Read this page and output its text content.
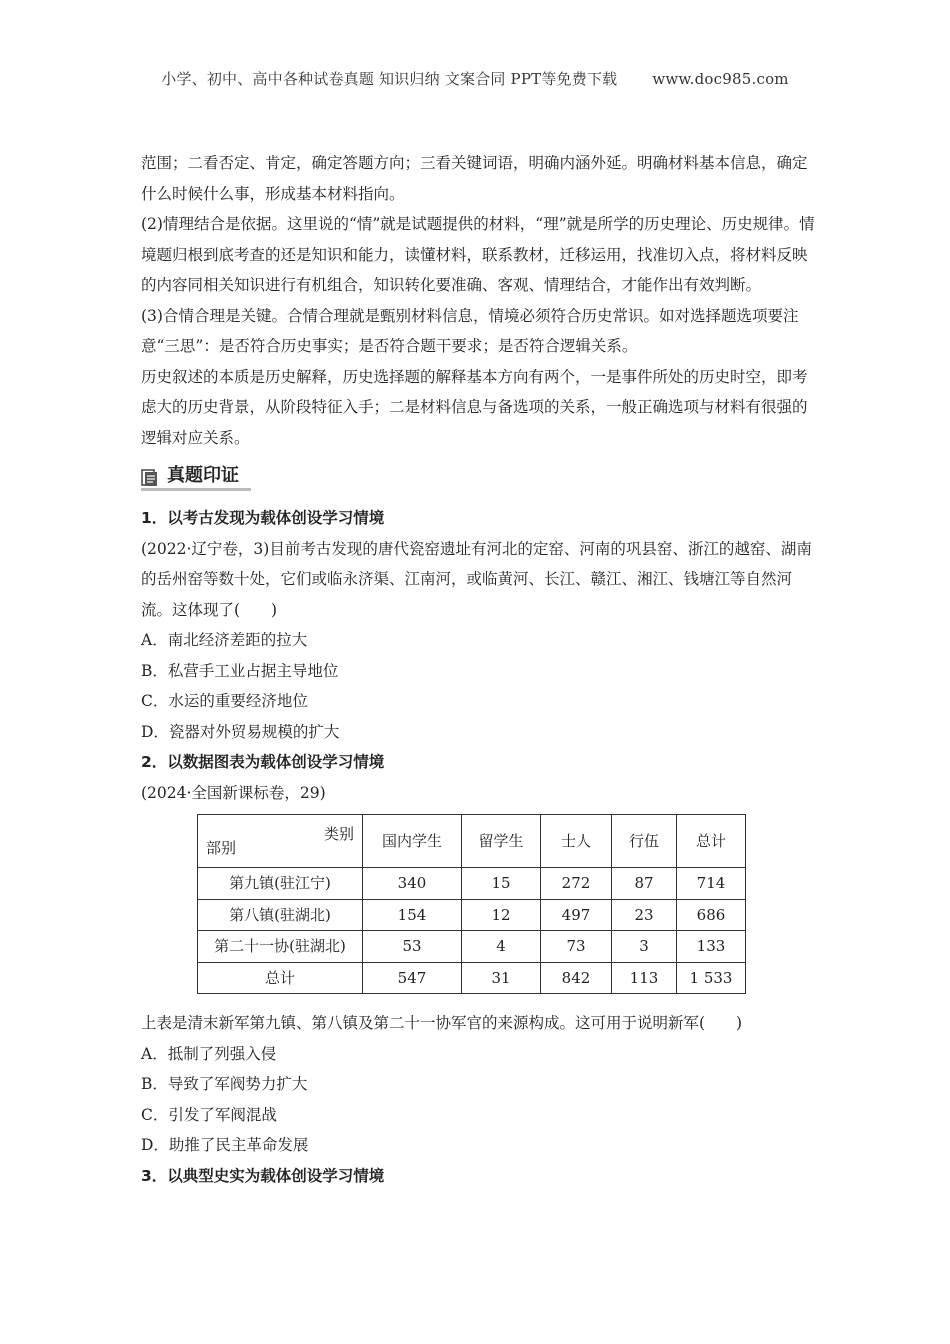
小学、初中、高中各种试卷真题 知识归纳 文案合同 PPT等免费下载 www.doc985.com

范围；二看否定、肯定，确定答题方向；三看关键词语，明确内涵外延。明确材料基本信息，确定什么时候什么事，形成基本材料指向。

(2)情理结合是依据。这里说的“情”就是试题提供的材料，“理”就是所学的历史理论、历史规律。情境题归根到底考查的还是知识和能力，读懂材料，联系教材，迁移运用，找准切入点，将材料反映的内容同相关知识进行有机组合，知识转化要准确、客观、情理结合，才能作出有效判断。

(3)合情合理是关键。合情合理就是甄别材料信息，情境必须符合历史常识。如对选择题选项要注意“三思”：是否符合历史事实；是否符合题干要求；是否符合逻辑关系。

历史叙述的本质是历史解释，历史选择题的解释基本方向有两个，一是事件所处的历史时空，即考虑大的历史背景，从阶段特征入手；二是材料信息与备选项的关系，一般正确选项与材料有很强的逻辑对应关系。

真题印证

1．以考古发现为载体创设学习情境

(2022·辽宁卷，3)目前考古发现的唐代瓷窑遗址有河北的定窑、河南的巩县窑、浙江的越窑、湖南的岳州窑等数十处，它们或临永济渠、江南河，或临黄河、长江、赣江、湘江、钱塘江等自然河流。这体现了(　　)

A．南北经济差距的拉大

B．私营手工业占据主导地位

C．水运的重要经济地位

D．瓷器对外贸易规模的扩大

2．以数据图表为载体创设学习情境

(2024·全国新课标卷，29)

类别
部别	国内学生	留学生	士人	行伍	总计
第九镇(驻江宁)	340	15	272	87	714
第八镇(驻湖北)	154	12	497	23	686
第二十一协(驻湖北)	53	4	73	3	133
总计	547	31	842	113	1 533

上表是清末新军第九镇、第八镇及第二十一协军官的来源构成。这可用于说明新军(　　)

A．抵制了列强入侵

B．导致了军阀势力扩大

C．引发了军阀混战

D．助推了民主革命发展

3．以典型史实为载体创设学习情境
